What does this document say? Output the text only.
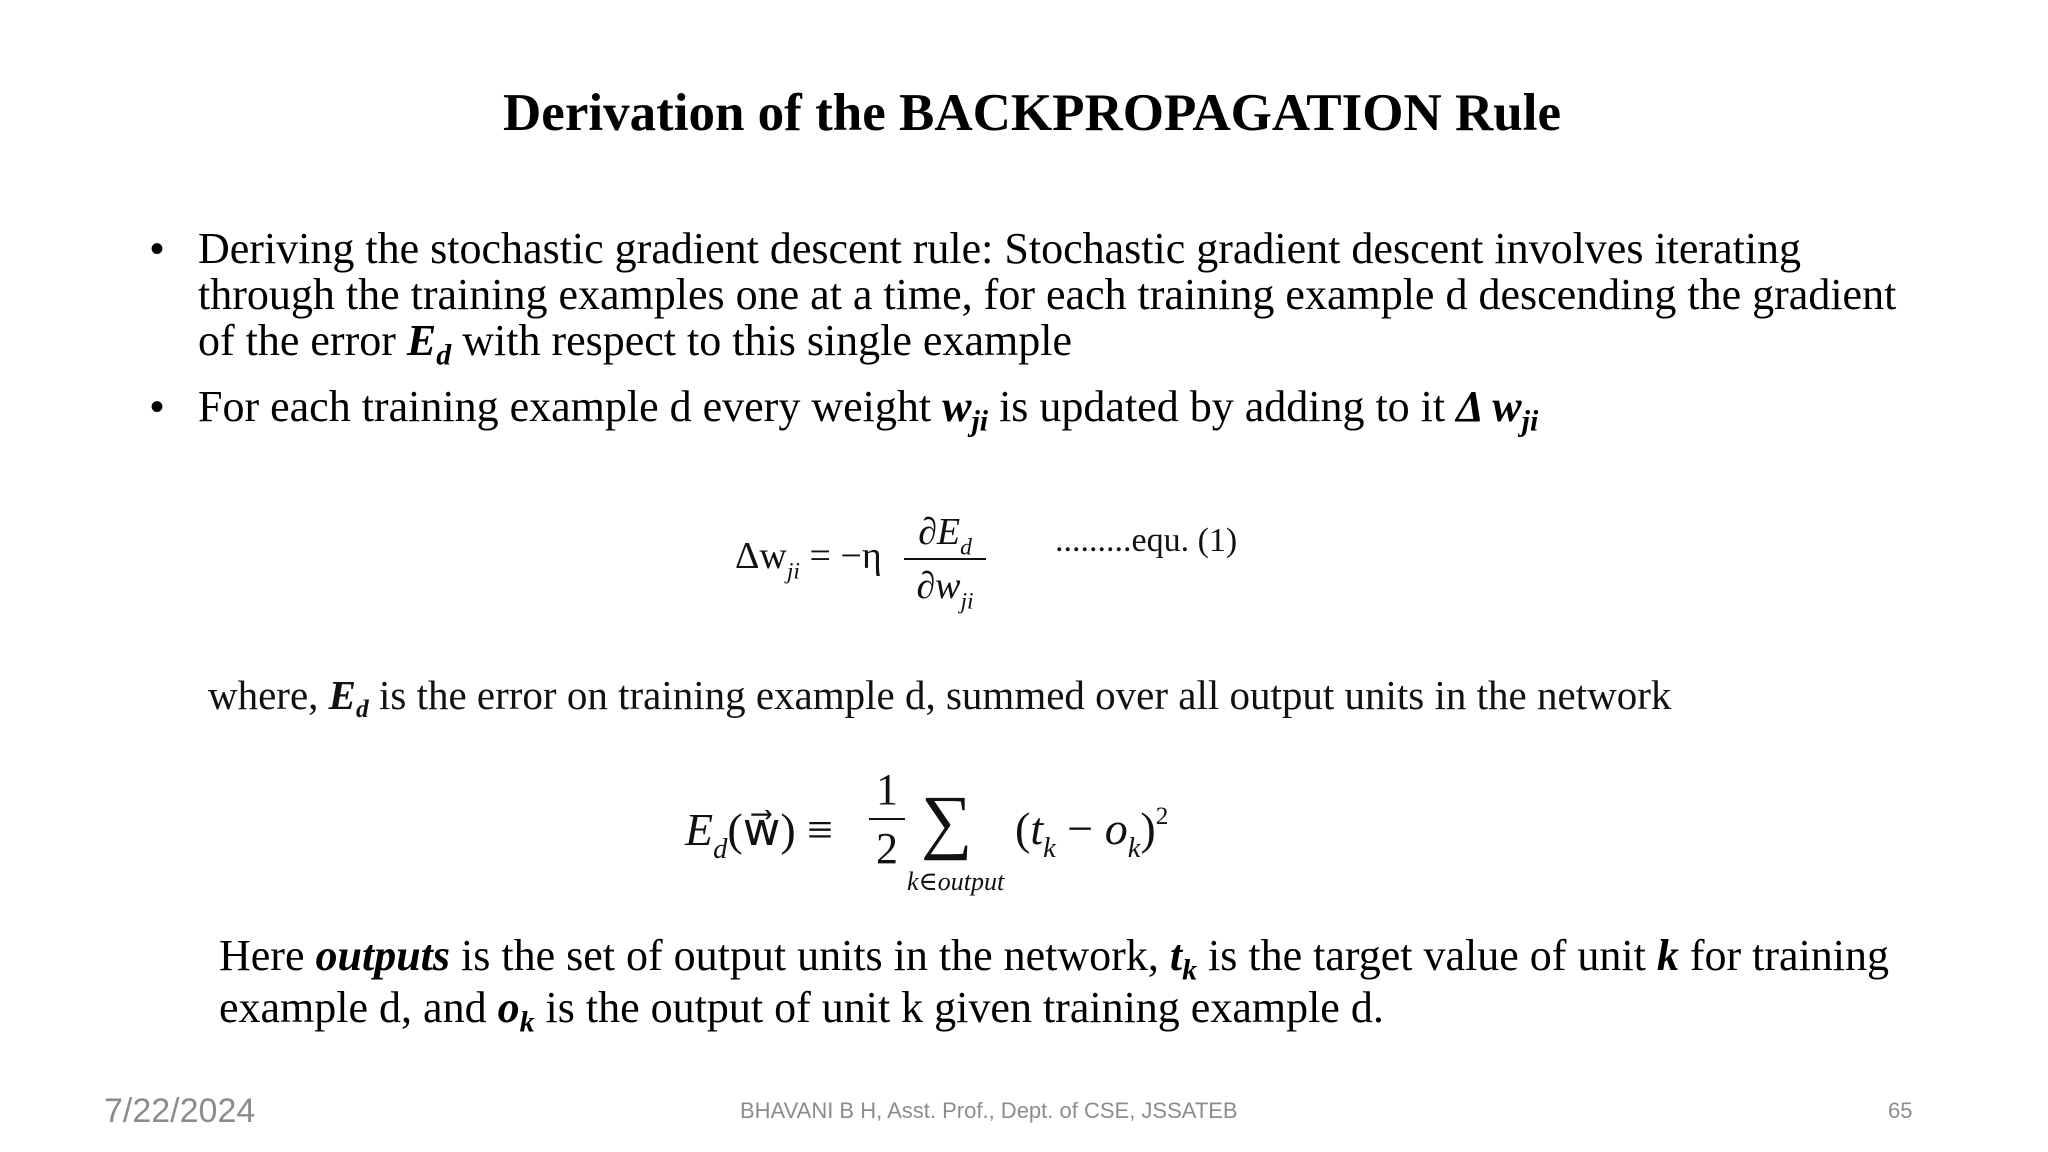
Derivation of the BACKPROPAGATION Rule
• Deriving the stochastic gradient descent rule: Stochastic gradient descent involves iterating through the training examples one at a time, for each training example d descending the gradient of the error $E_d$ with respect to this single example
• For each training example d every weight $w_{ji}$ is updated by adding to it Δ $w_{ji}$
$\Delta w_{ji} = -\eta$
$\partial E_d$
$\partial w_{ji}$
.........equ. (1)
where, $E_d$ is the error on training example d, summed over all output units in the network
$E_d(w⃗)$ ≡
1
2 ∑
k∈output
$(t_k - o_k)^2$
Here outputs is the set of output units in the network, $t_k$ is the target value of unit k for training example d, and $o_k$ is the output of unit k given training example d.
7/22/2024	BHAVANI B H, Asst. Prof., Dept. of CSE, JSSATEB	65
